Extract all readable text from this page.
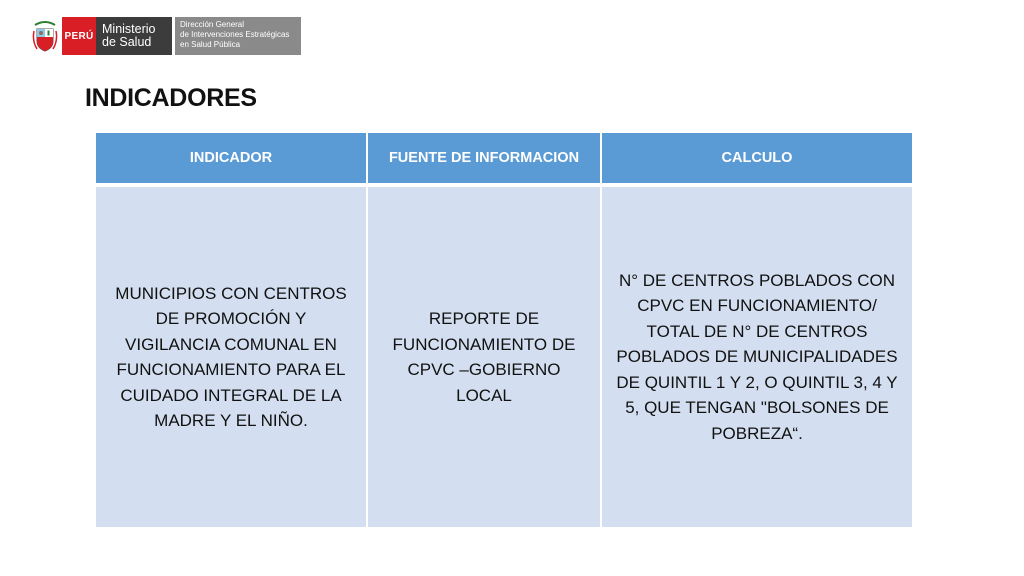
PERÚ Ministerio
de Salud
Dirección General
de Intervenciones Estratégicas
en Salud Pública
INDICADORES
INDICADOR	FUENTE DE INFORMACION	CALCULO
MUNICIPIOS CON CENTROS DE PROMOCIÓN Y VIGILANCIA COMUNAL EN FUNCIONAMIENTO PARA EL CUIDADO INTEGRAL DE LA MADRE Y EL NIÑO.	REPORTE DE FUNCIONAMIENTO DE CPVC –GOBIERNO LOCAL	N° DE CENTROS POBLADOS CON CPVC EN FUNCIONAMIENTO/ TOTAL DE N° DE CENTROS POBLADOS DE MUNICIPALIDADES DE QUINTIL 1 Y 2, O QUINTIL 3, 4 Y 5, QUE TENGAN "BOLSONES DE POBREZA“.
